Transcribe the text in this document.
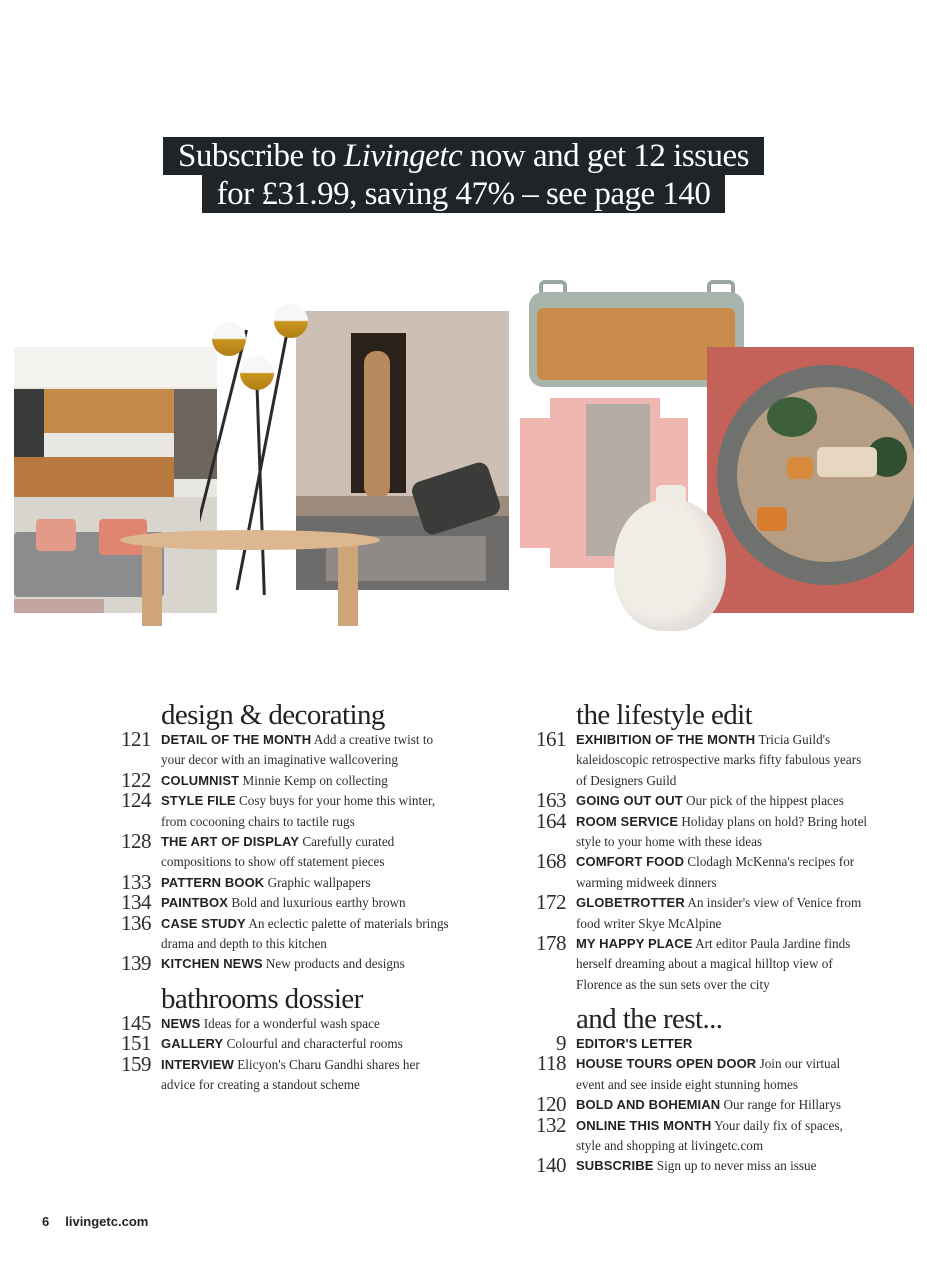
Subscribe to Livingetc now and get 12 issues
for £31.99, saving 47% – see page 140
design & decorating
121 DETAIL OF THE MONTH Add a creative twist to your decor with an imaginative wallcovering
122 COLUMNIST Minnie Kemp on collecting
124 STYLE FILE Cosy buys for your home this winter, from cocooning chairs to tactile rugs
128 THE ART OF DISPLAY Carefully curated compositions to show off statement pieces
133 PATTERN BOOK Graphic wallpapers
134 PAINTBOX Bold and luxurious earthy brown
136 CASE STUDY An eclectic palette of materials brings drama and depth to this kitchen
139 KITCHEN NEWS New products and designs
bathrooms dossier
145 NEWS Ideas for a wonderful wash space
151 GALLERY Colourful and characterful rooms
159 INTERVIEW Elicyon's Charu Gandhi shares her advice for creating a standout scheme
the lifestyle edit
161 EXHIBITION OF THE MONTH Tricia Guild's kaleidoscopic retrospective marks fifty fabulous years of Designers Guild
163 GOING OUT OUT Our pick of the hippest places
164 ROOM SERVICE Holiday plans on hold? Bring hotel style to your home with these ideas
168 COMFORT FOOD Clodagh McKenna's recipes for warming midweek dinners
172 GLOBETROTTER An insider's view of Venice from food writer Skye McAlpine
178 MY HAPPY PLACE Art editor Paula Jardine finds herself dreaming about a magical hilltop view of Florence as the sun sets over the city
and the rest...
9 EDITOR'S LETTER
118 HOUSE TOURS OPEN DOOR Join our virtual event and see inside eight stunning homes
120 BOLD AND BOHEMIAN Our range for Hillarys
132 ONLINE THIS MONTH Your daily fix of spaces, style and shopping at livingetc.com
140 SUBSCRIBE Sign up to never miss an issue
6 livingetc.com
